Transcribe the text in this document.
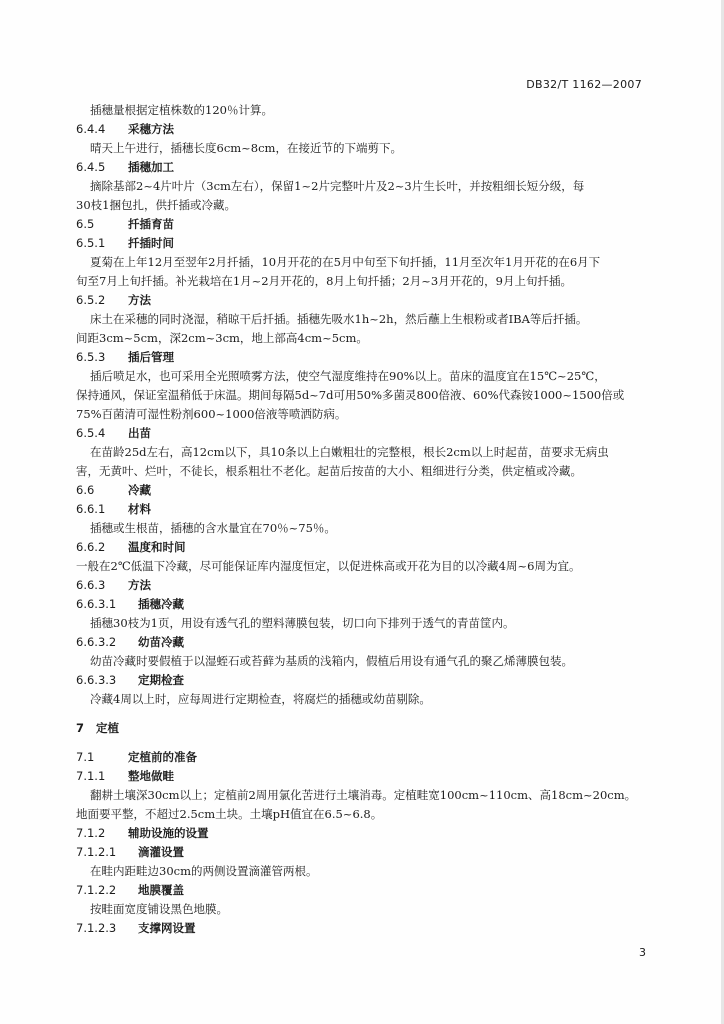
DB32/T 1162—2007
插穗量根据定植株数的120％计算。
6.4.4 采穗方法
晴天上午进行，插穗长度6cm~8cm，在接近节的下端剪下。
6.4.5 插穗加工
摘除基部2~4片叶片（3cm左右），保留1~2片完整叶片及2~3片生长叶，并按粗细长短分级，每
30枝1捆包扎，供扦插或冷藏。
6.5	扦插育苗
6.5.1 扦插时间
夏菊在上年12月至翌年2月扦插，10月开花的在5月中旬至下旬扦插，11月至次年1月开花的在6月下
旬至7月上旬扦插。补光栽培在1月~2月开花的，8月上旬扦插；2月~3月开花的，9月上旬扦插。
6.5.2 方法
床土在采穗的同时浇湿，稍晾干后扦插。插穗先吸水1h~2h，然后蘸上生根粉或者IBA等后扦插。
间距3cm~5cm，深2cm~3cm，地上部高4cm~5cm。
6.5.3 插后管理
插后喷足水，也可采用全光照喷雾方法，使空气湿度维持在90%以上。苗床的温度宜在15℃~25℃，
保持通风，保证室温稍低于床温。期间每隔5d~7d可用50%多菌灵800倍液、60%代森铵1000~1500倍或
75%百菌清可湿性粉剂600~1000倍液等喷洒防病。
6.5.4 出苗
在苗龄25d左右，高12cm以下，具10条以上白嫩粗壮的完整根，根长2cm以上时起苗，苗要求无病虫
害，无黄叶、烂叶，不徒长，根系粗壮不老化。起苗后按苗的大小、粗细进行分类，供定植或冷藏。
6.6	冷藏
6.6.1 材料
插穗或生根苗，插穗的含水量宜在70％~75％。
6.6.2 温度和时间
一般在2℃低温下冷藏，尽可能保证库内湿度恒定，以促进株高或开花为目的以冷藏4周~6周为宜。
6.6.3 方法
6.6.3.1 插穗冷藏
插穗30枝为1页，用设有透气孔的塑料薄膜包装，切口向下排列于透气的青苗筐内。
6.6.3.2 幼苗冷藏
幼苗冷藏时要假植于以湿蛭石或苔藓为基质的浅箱内，假植后用设有通气孔的聚乙烯薄膜包装。
6.6.3.3 定期检查
冷藏4周以上时，应每周进行定期检查，将腐烂的插穗或幼苗剔除。
7 定植
7.1	定植前的准备
7.1.1 整地做畦
翻耕土壤深30cm以上；定植前2周用氯化苦进行土壤消毒。定植畦宽100cm~110cm、高18cm~20cm。
地面要平整，不超过2.5cm土块。土壤pH值宜在6.5~6.8。
7.1.2 辅助设施的设置
7.1.2.1 滴灌设置
在畦内距畦边30cm的两侧设置滴灌管两根。
7.1.2.2 地膜覆盖
按畦面宽度铺设黑色地膜。
7.1.2.3 支撑网设置
3
